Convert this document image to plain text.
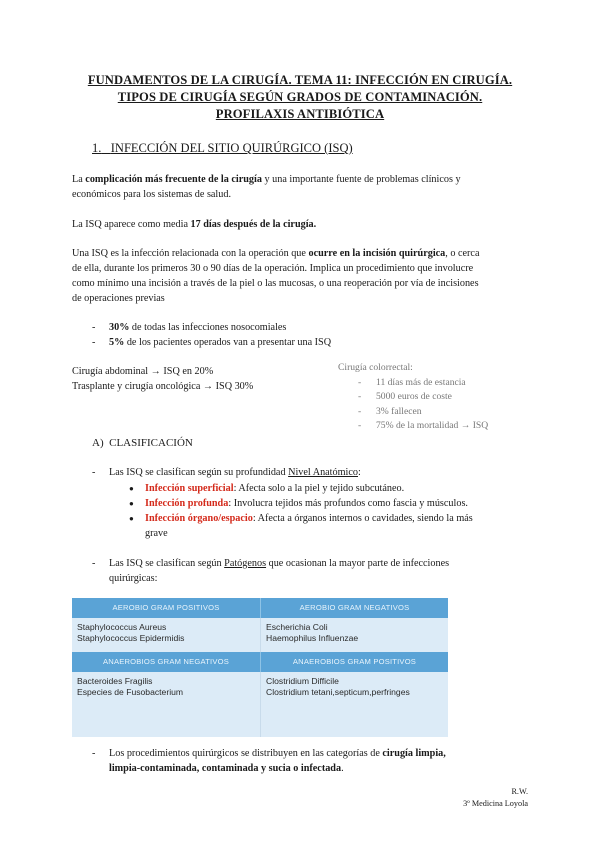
FUNDAMENTOS DE LA CIRUGÍA. TEMA 11: INFECCIÓN EN CIRUGÍA.
TIPOS DE CIRUGÍA SEGÚN GRADOS DE CONTAMINACIÓN.
PROFILAXIS ANTIBIÓTICA
1. INFECCIÓN DEL SITIO QUIRÚRGICO (ISQ)
La complicación más frecuente de la cirugía y una importante fuente de problemas clínicos y
económicos para los sistemas de salud.
La ISQ aparece como media 17 días después de la cirugía.
Una ISQ es la infección relacionada con la operación que ocurre en la incisión quirúrgica, o cerca
de ella, durante los primeros 30 o 90 días de la operación. Implica un procedimiento que involucre
como mínimo una incisión a través de la piel o las mucosas, o una reoperación por vía de incisiones
de operaciones previas
- 30% de todas las infecciones nosocomiales
- 5% de los pacientes operados van a presentar una ISQ
Cirugía abdominal → ISQ en 20%
Trasplante y cirugía oncológica → ISQ 30%
Cirugía colorrectal:
- 11 días más de estancia
- 5000 euros de coste
- 3% fallecen
- 75% de la mortalidad → ISQ
A) CLASIFICACIÓN
- Las ISQ se clasifican según su profundidad Nivel Anatómico:
● Infección superficial: Afecta solo a la piel y tejido subcutáneo.
● Infección profunda: Involucra tejidos más profundos como fascia y músculos.
● Infección órgano/espacio: Afecta a órganos internos o cavidades, siendo la más
grave
- Las ISQ se clasifican según Patógenos que ocasionan la mayor parte de infecciones
quirúrgicas:
AEROBIO GRAM POSITIVOS	AEROBIO GRAM NEGATIVOS
Staphylococcus Aureus
Staphylococcus Epidermidis
Escherichia Coli
Haemophilus Influenzae
ANAEROBIOS GRAM NEGATIVOS	ANAEROBIOS GRAM POSITIVOS
Bacteroides Fragilis
Especies de Fusobacterium
Clostridium Difficile
Clostridium tetani,septicum,perfringes
- Los procedimientos quirúrgicos se distribuyen en las categorías de cirugía limpia,
limpia-contaminada, contaminada y sucia o infectada.
R.W.
3º Medicina Loyola
